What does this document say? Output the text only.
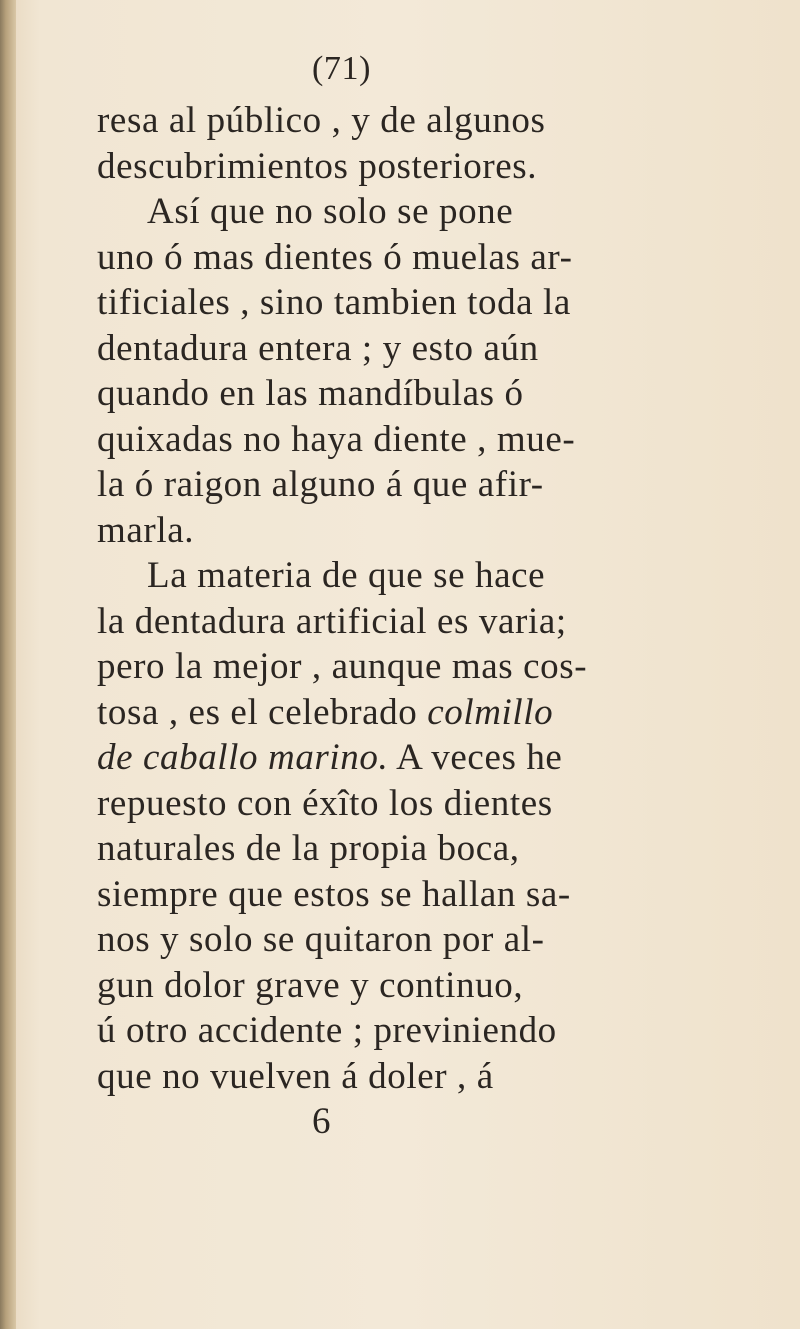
(71)
resa al público , y de algunos
descubrimientos posteriores.
Así que no solo se pone
uno ó mas dientes ó muelas ar-
tificiales , sino tambien toda la
dentadura entera ; y esto aún
quando en las mandíbulas ó
quixadas no haya diente , mue-
la ó raigon alguno á que afir-
marla.
La materia de que se hace
la dentadura artificial es varia;
pero la mejor , aunque mas cos-
tosa , es el celebrado colmillo
de caballo marino. A veces he
repuesto con éxîto los dientes
naturales de la propia boca,
siempre que estos se hallan sa-
nos y solo se quitaron por al-
gun dolor grave y continuo,
ú otro accidente ; previniendo
que no vuelven á doler , á
6
